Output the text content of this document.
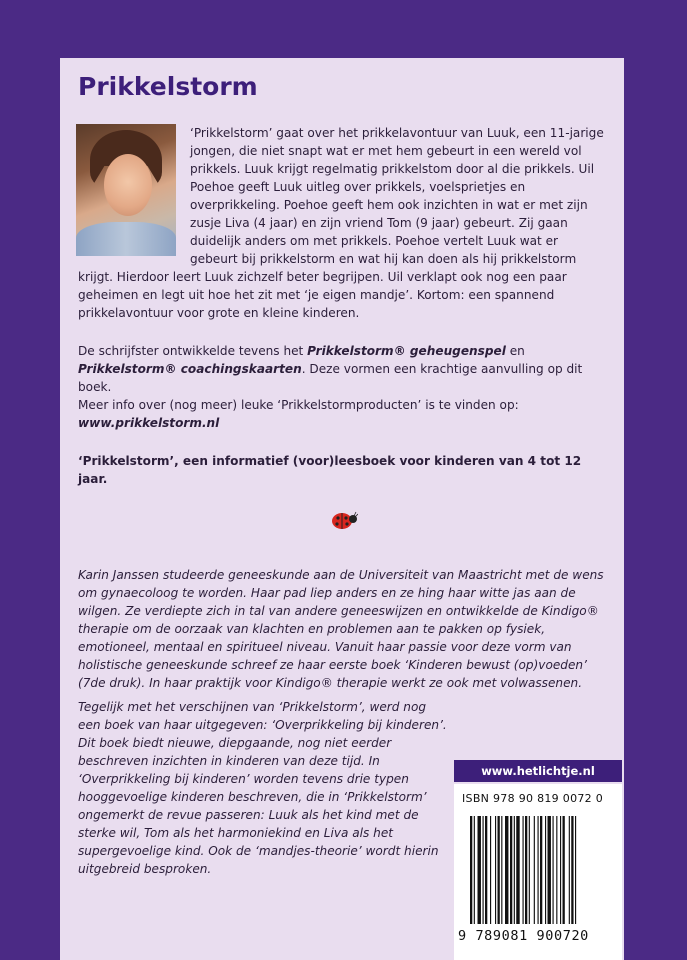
Prikkelstorm

‘Prikkelstorm’ gaat over het prikkelavontuur van Luuk, een 11-jarige jongen, die niet snapt wat er met hem gebeurt in een wereld vol prikkels. Luuk krijgt regelmatig prikkelstom door al die prikkels. Uil Poehoe geeft Luuk uitleg over prikkels, voelsprietjes en overprikkeling. Poehoe geeft hem ook inzichten in wat er met zijn zusje Liva (4 jaar) en zijn vriend Tom (9 jaar) gebeurt. Zij gaan duidelijk anders om met prikkels. Poehoe vertelt Luuk wat er gebeurt bij prikkelstorm en wat hij kan doen als hij prikkelstorm krijgt. Hierdoor leert Luuk zichzelf beter begrijpen. Uil verklapt ook nog een paar geheimen en legt uit hoe het zit met ‘je eigen mandje’. Kortom: een spannend prikkelavontuur voor grote en kleine kinderen.

De schrijfster ontwikkelde tevens het Prikkelstorm® geheugenspel en Prikkelstorm® coachingskaarten. Deze vormen een krachtige aanvulling op dit boek.

Meer info over (nog meer) leuke ‘Prikkelstormproducten’ is te vinden op:
www.prikkelstorm.nl

‘Prikkelstorm’, een informatief (voor)leesboek voor kinderen van 4 tot 12 jaar.

Karin Janssen studeerde geneeskunde aan de Universiteit van Maastricht met de wens om gynaecoloog te worden. Haar pad liep anders en ze hing haar witte jas aan de wilgen. Ze verdiepte zich in tal van andere geneeswijzen en ontwikkelde de Kindigo® therapie om de oorzaak van klachten en problemen aan te pakken op fysiek, emotioneel, mentaal en spiritueel niveau. Vanuit haar passie voor deze vorm van holistische geneeskunde schreef ze haar eerste boek ‘Kinderen bewust (op)voeden’ (7de druk). In haar praktijk voor Kindigo® therapie werkt ze ook met volwassenen.

Tegelijk met het verschijnen van ‘Prikkelstorm’, werd nog een boek van haar uitgegeven: ‘Overprikkeling bij kinderen’. Dit boek biedt nieuwe, diepgaande, nog niet eerder beschreven inzichten in kinderen van deze tijd. In ‘Overprikkeling bij kinderen’ worden tevens drie typen hooggevoelige kinderen beschreven, die in ‘Prikkelstorm’ ongemerkt de revue passeren: Luuk als het kind met de sterke wil, Tom als het harmoniekind en Liva als het supergevoelige kind. Ook de ‘mandjes-theorie’ wordt hierin uitgebreid besproken.

www.hetlichtje.nl
ISBN 978 90 819 0072 0
9 789081 900720
